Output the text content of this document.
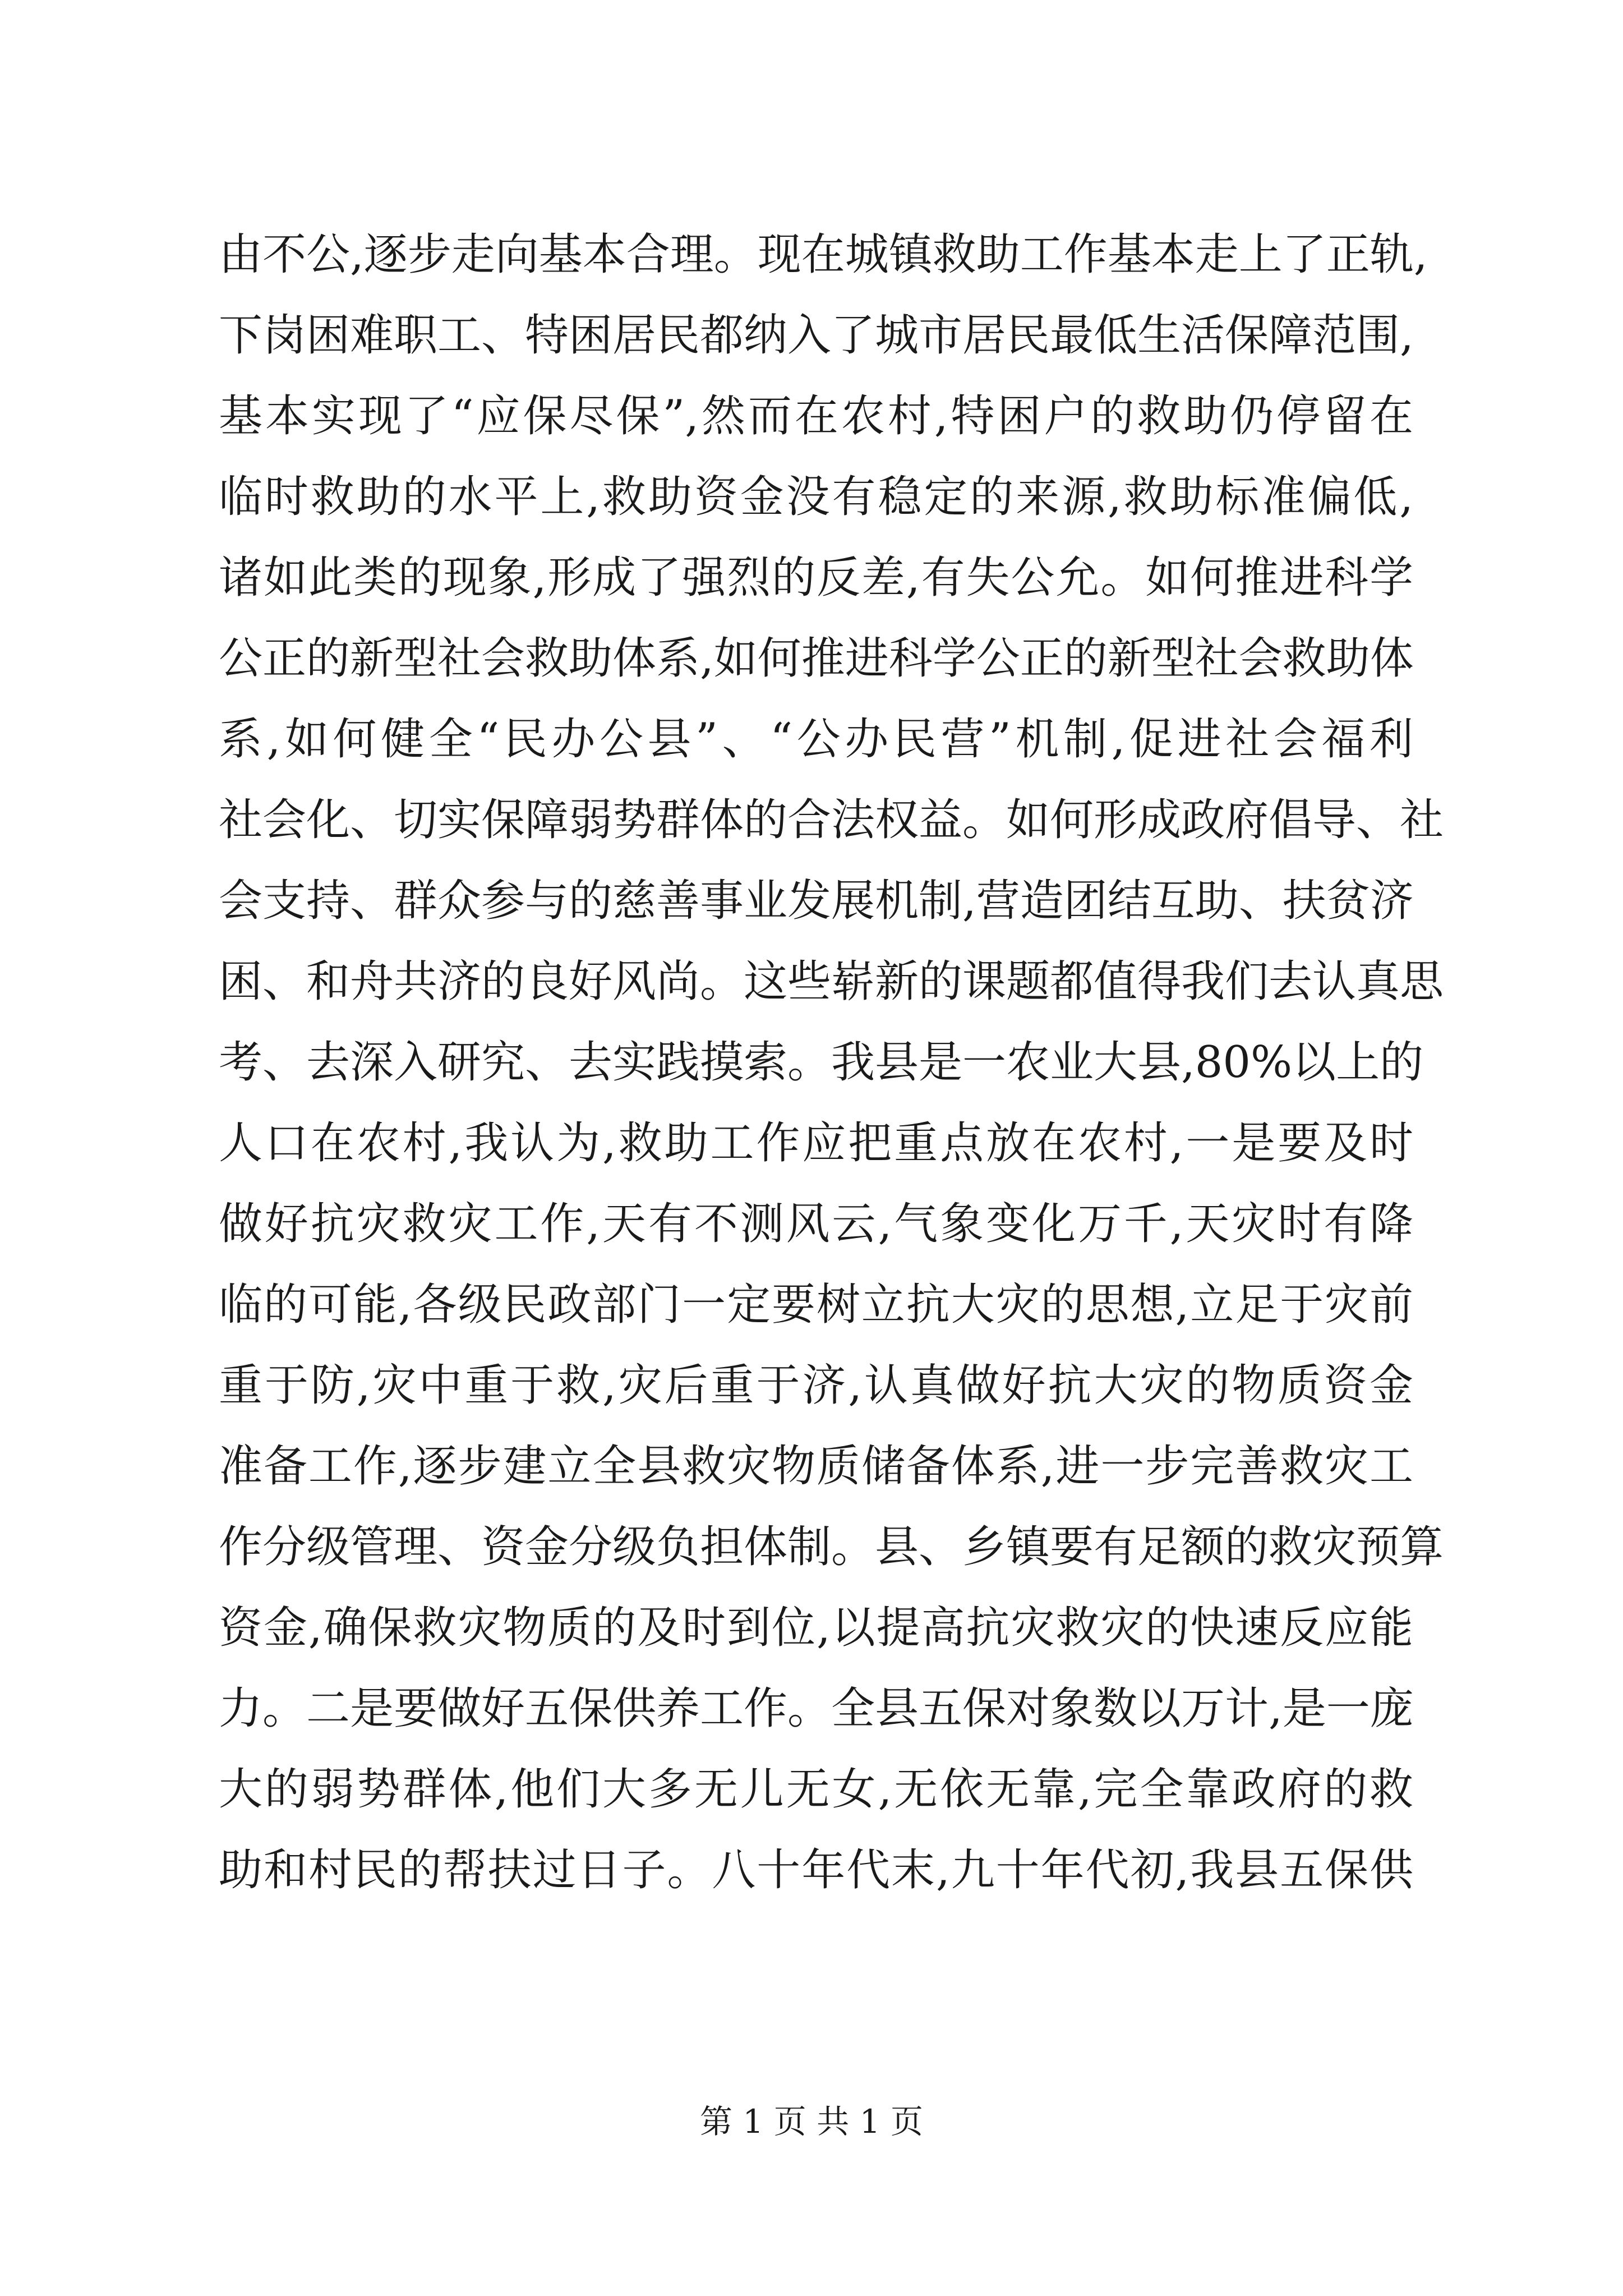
由不公,逐步走向基本合理。现在城镇救助工作基本走上了正轨,
下岗困难职工、特困居民都纳入了城市居民最低生活保障范围,
基本实现了“应保尽保”,然而在农村,特困户的救助仍停留在
临时救助的水平上,救助资金没有稳定的来源,救助标准偏低,
诸如此类的现象,形成了强烈的反差,有失公允。如何推进科学
公正的新型社会救助体系,如何推进科学公正的新型社会救助体
系,如何健全“民办公县”、“公办民营”机制,促进社会福利
社会化、切实保障弱势群体的合法权益。如何形成政府倡导、社
会支持、群众参与的慈善事业发展机制,营造团结互助、扶贫济
困、和舟共济的良好风尚。这些崭新的课题都值得我们去认真思
考、去深入研究、去实践摸索。我县是一农业大县,80%以上的
人口在农村,我认为,救助工作应把重点放在农村,一是要及时
做好抗灾救灾工作,天有不测风云,气象变化万千,天灾时有降
临的可能,各级民政部门一定要树立抗大灾的思想,立足于灾前
重于防,灾中重于救,灾后重于济,认真做好抗大灾的物质资金
准备工作,逐步建立全县救灾物质储备体系,进一步完善救灾工
作分级管理、资金分级负担体制。县、乡镇要有足额的救灾预算
资金,确保救灾物质的及时到位,以提高抗灾救灾的快速反应能
力。二是要做好五保供养工作。全县五保对象数以万计,是一庞
大的弱势群体,他们大多无儿无女,无依无靠,完全靠政府的救
助和村民的帮扶过日子。八十年代末,九十年代初,我县五保供
第 1 页 共 1 页
